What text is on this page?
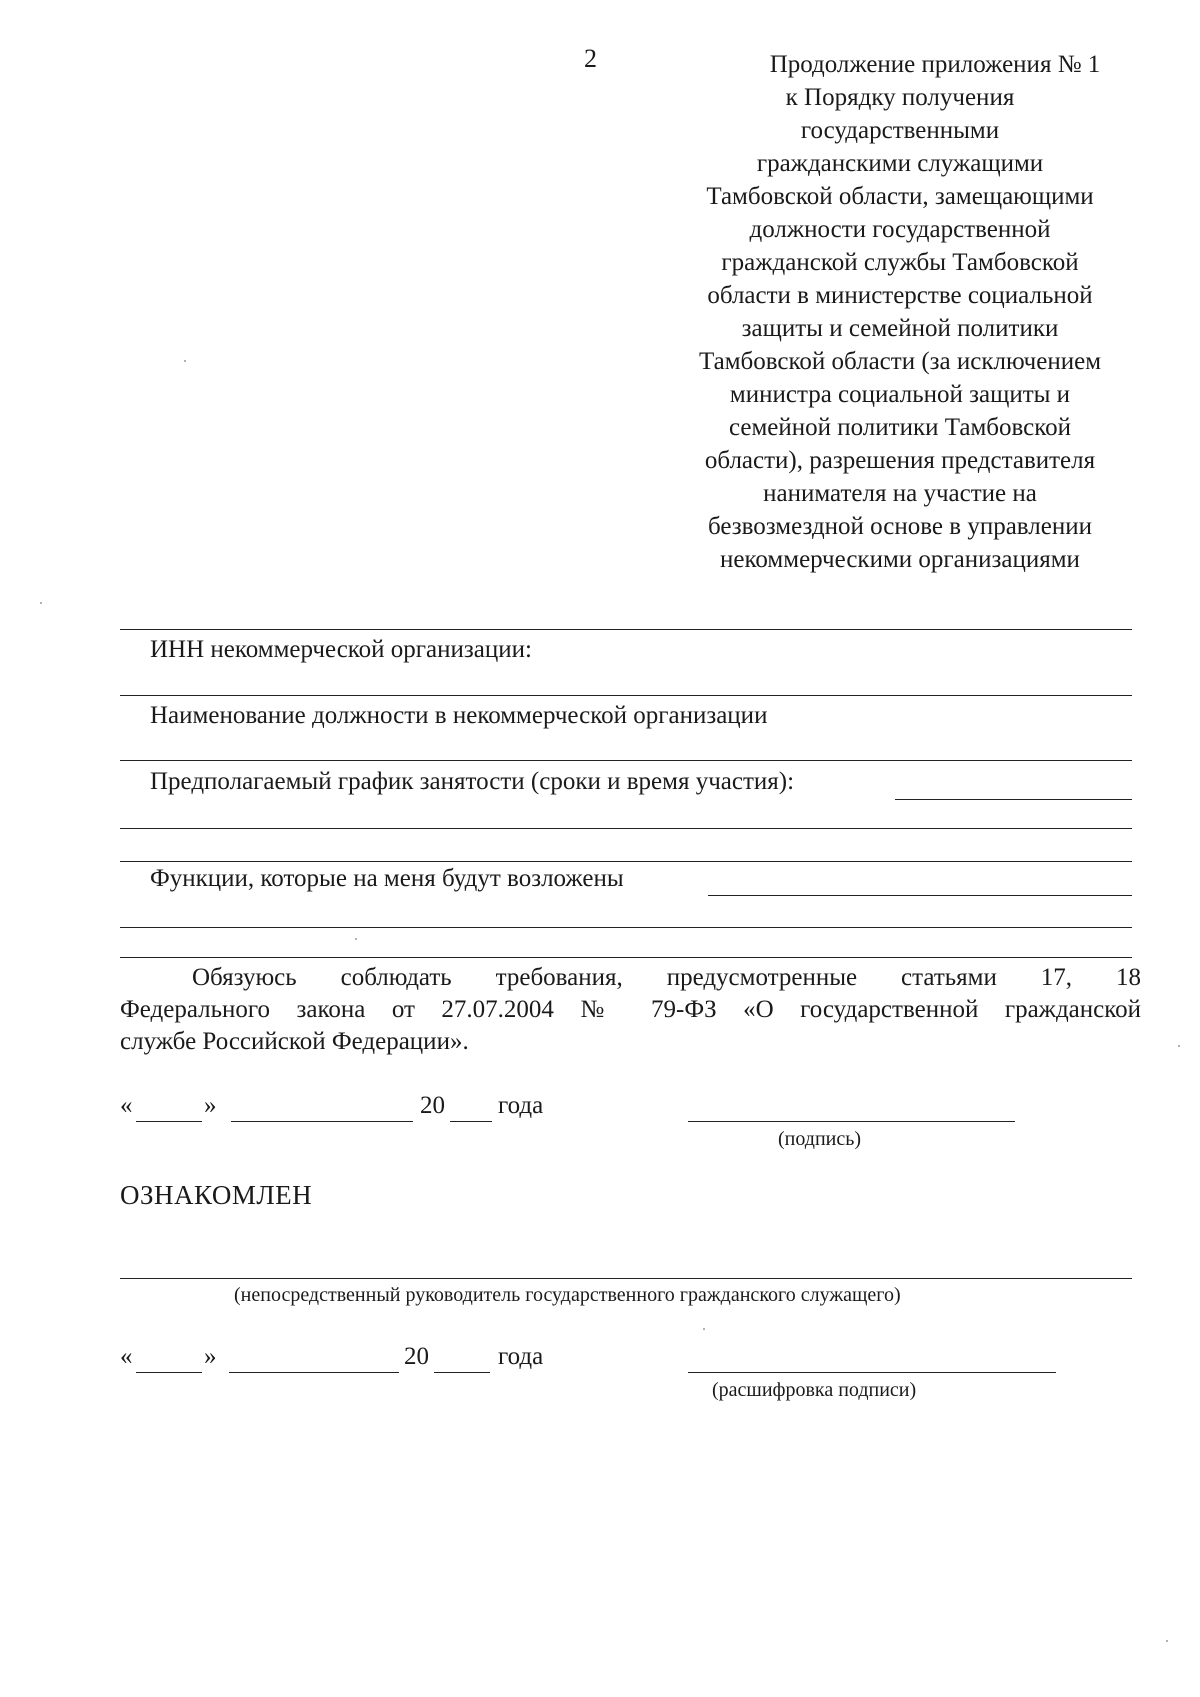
2	Продолжение приложения № 1
к Порядку получения
государственными
гражданскими служащими
Тамбовской области, замещающими
должности государственной
гражданской службы Тамбовской
области в министерстве социальной
защиты и семейной политики
Тамбовской области (за исключением
министра социальной защиты и
семейной политики Тамбовской
области), разрешения представителя
нанимателя на участие на
безвозмездной основе в управлении
некоммерческими организациями
ИНН некоммерческой организации:
Наименование должности в некоммерческой организации
Предполагаемый график занятости (сроки и время участия):
Функции, которые на меня будут возложены
Обязуюсь соблюдать требования, предусмотренные статьями 17, 18
Федерального закона от 27.07.2004 № 79-ФЗ «О государственной гражданской
службе Российской Федерации».
«	»	20 года
(подпись)
ОЗНАКОМЛЕН
(непосредственный руководитель государственного гражданского служащего)
«	»	20	года
(расшифровка подписи)
